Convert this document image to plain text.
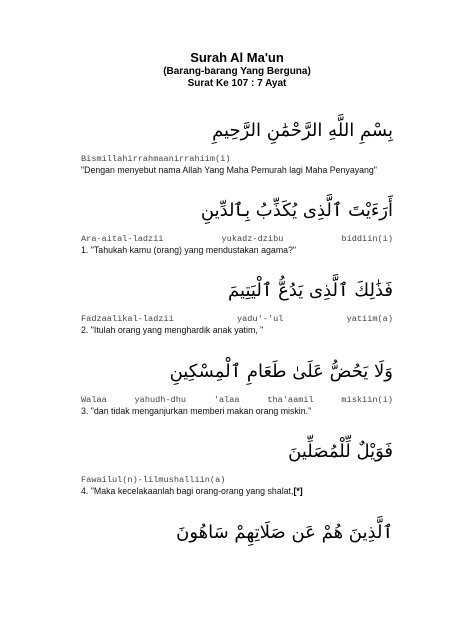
Surah Al Ma'un
(Barang-barang Yang Berguna)
Surat Ke 107 : 7 Ayat
بِسْمِ اللَّهِ الرَّحْمَٰنِ الرَّحِيمِ
Bismillahirrahmaanirrahiim(i)
"Dengan menyebut nama Allah Yang Maha Pemurah lagi Maha Penyayang"
أَرَءَيْتَ ٱلَّذِى يُكَذِّبُ بِٱلدِّينِ
Ara-aital-ladzii	yukadz-dzibu	biddiin(i)
1. "Tahukah kamu (orang) yang mendustakan agama?"
فَذَٰلِكَ ٱلَّذِى يَدُعُّ ٱلْيَتِيمَ
Fadzaalikal-ladzii	yadu'-'ul	yatiim(a)
2. "Itulah orang yang menghardik anak yatim, "
وَلَا يَحُضُّ عَلَىٰ طَعَامِ ٱلْمِسْكِينِ
Walaa	yahudh-dhu	'alaa	tha'aamil	miskiin(i)
3. "dan tidak menganjurkan memberi makan orang miskin."
فَوَيْلٌ لِّلْمُصَلِّينَ
Fawailul(n)-lilmushalliin(a)
4. "Maka kecelakaanlah bagi orang-orang yang shalat,[*]
ٱلَّذِينَ هُمْ عَن صَلَاتِهِمْ سَاهُونَ
